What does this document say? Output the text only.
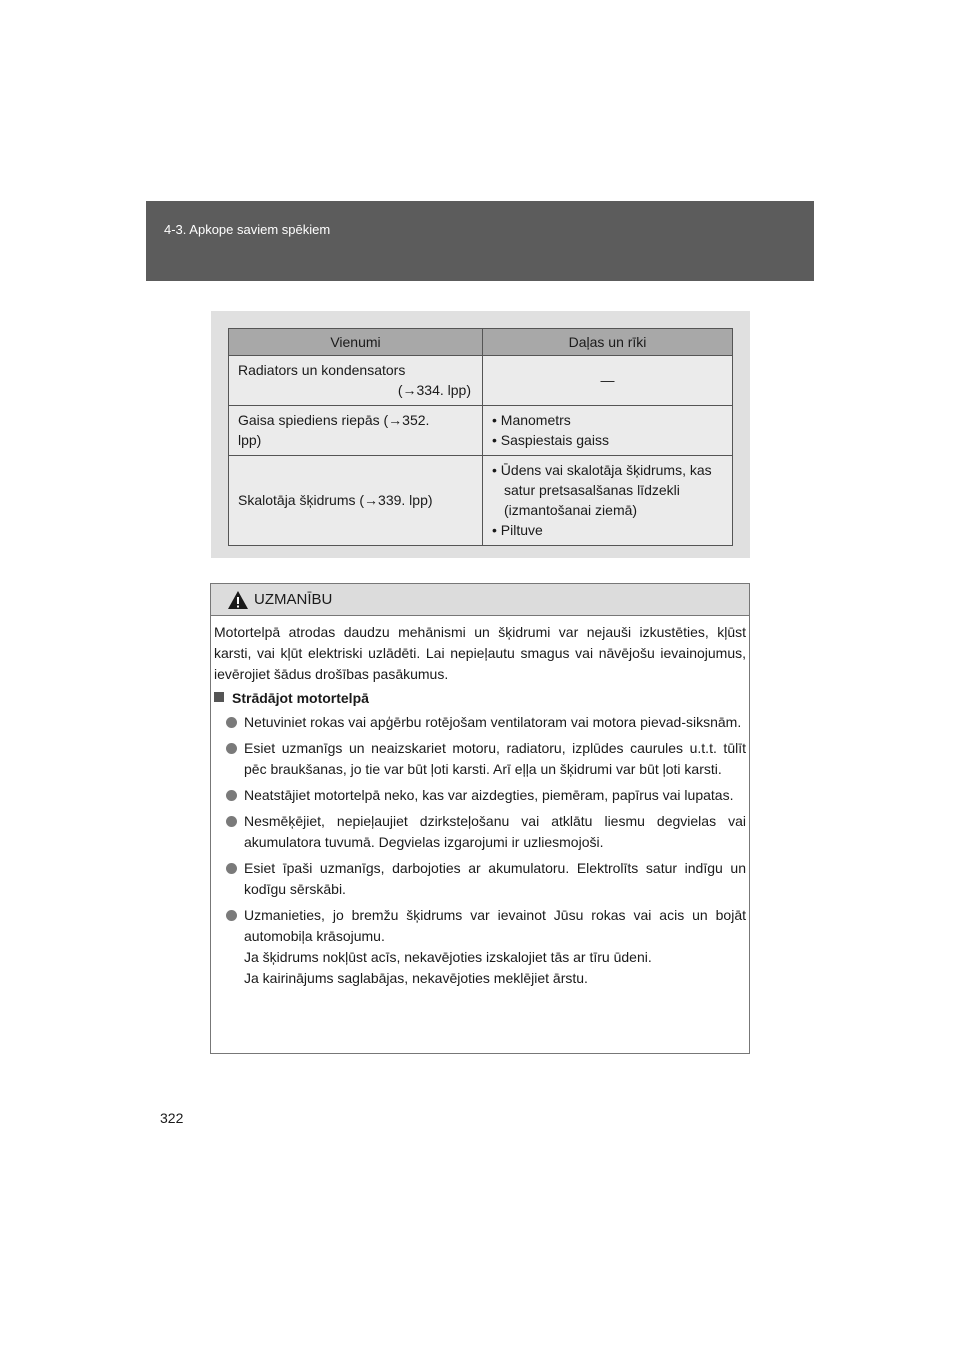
4-3. Apkope saviem spēkiem
Vienumi	Daļas un rīki
Radiators un kondensators
(→334. lpp)	—

Gaisa spiediens riepās (→352.
lpp)	• Manometrs
• Saspiestais gaiss

Skalotāja šķidrums (→339. lpp)	• Ūdens vai skalotāja šķidrums, kas
satur pretsasalšanas līdzekli
(izmantošanai ziemā)
• Piltuve
UZMANĪBU

Motortelpā atrodas daudzu mehānismi un šķidrumi var nejauši izkustēties, kļūst karsti, vai kļūt elektriski uzlādēti. Lai nepieļautu smagus vai nāvējošu ievainojumus, ievērojiet šādus drošības pasākumus.

Strādājot motortelpā

Netuviniet rokas vai apģērbu rotējošam ventilatoram vai motora pievad-siksnām.
Esiet uzmanīgs un neaizskariet motoru, radiatoru, izplūdes caurules u.t.t. tūlīt pēc braukšanas, jo tie var būt ļoti karsti. Arī eļļa un šķidrumi var būt ļoti karsti.
Neatstājiet motortelpā neko, kas var aizdegties, piemēram, papīrus vai lupatas.
Nesmēķējiet, nepieļaujiet dzirksteļošanu vai atklātu liesmu degvielas vai akumulatora tuvumā. Degvielas izgarojumi ir uzliesmojoši.
Esiet īpaši uzmanīgs, darbojoties ar akumulatoru. Elektrolīts satur indīgu un kodīgu sērskābi.
Uzmanieties, jo bremžu šķidrums var ievainot Jūsu rokas vai acis un bojāt automobiļa krāsojumu.
Ja šķidrums nokļūst acīs, nekavējoties izskalojiet tās ar tīru ūdeni.
Ja kairinājums saglabājas, nekavējoties meklējiet ārstu.
322
